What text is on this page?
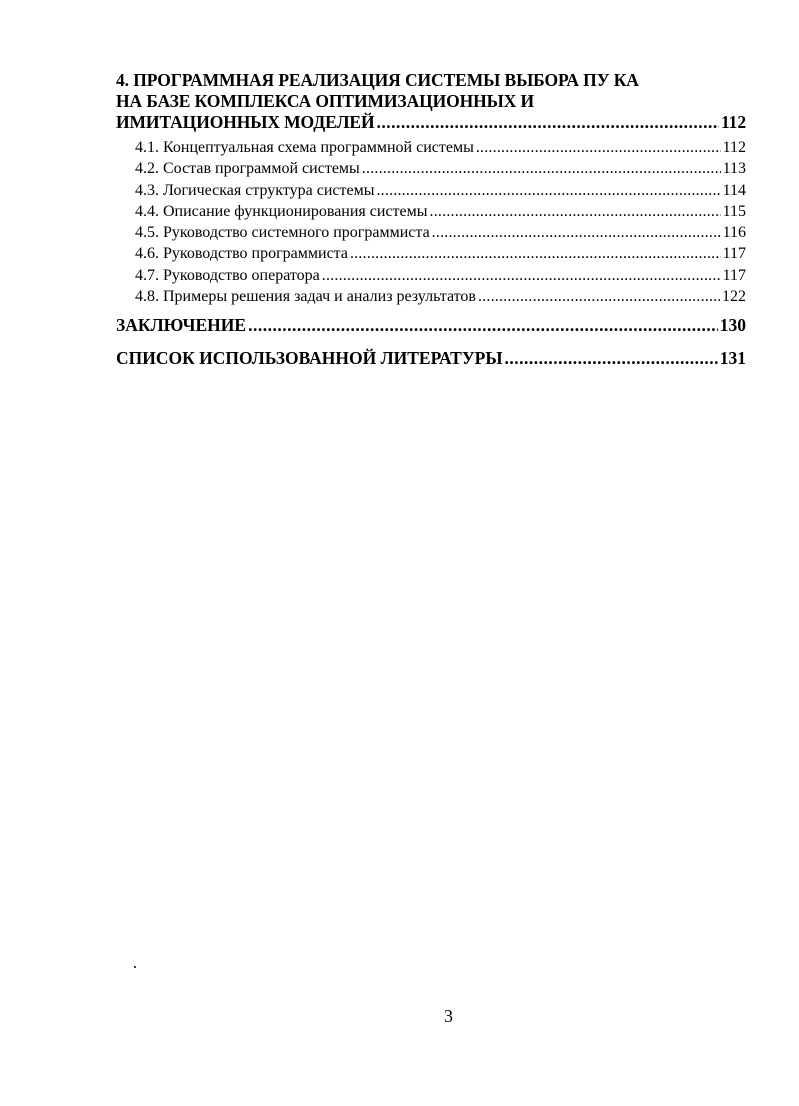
4. ПРОГРАММНАЯ РЕАЛИЗАЦИЯ СИСТЕМЫ ВЫБОРА ПУ КА
НА БАЗЕ КОМПЛЕКСА ОПТИМИЗАЦИОННЫХ И
ИМИТАЦИОННЫХ МОДЕЛЕЙ .....	112
4.1. Концептуальная схема программной системы .....	112
4.2. Состав программой системы .....	113
4.3. Логическая структура системы .....	114
4.4. Описание функционирования системы .....	115
4.5. Руководство системного программиста .....	116
4.6. Руководство программиста .....	117
4.7. Руководство оператора .....	117
4.8. Примеры решения задач и анализ результатов .....	122
ЗАКЛЮЧЕНИЕ .....	130
СПИСОК ИСПОЛЬЗОВАННОЙ ЛИТЕРАТУРЫ .....	131
3
